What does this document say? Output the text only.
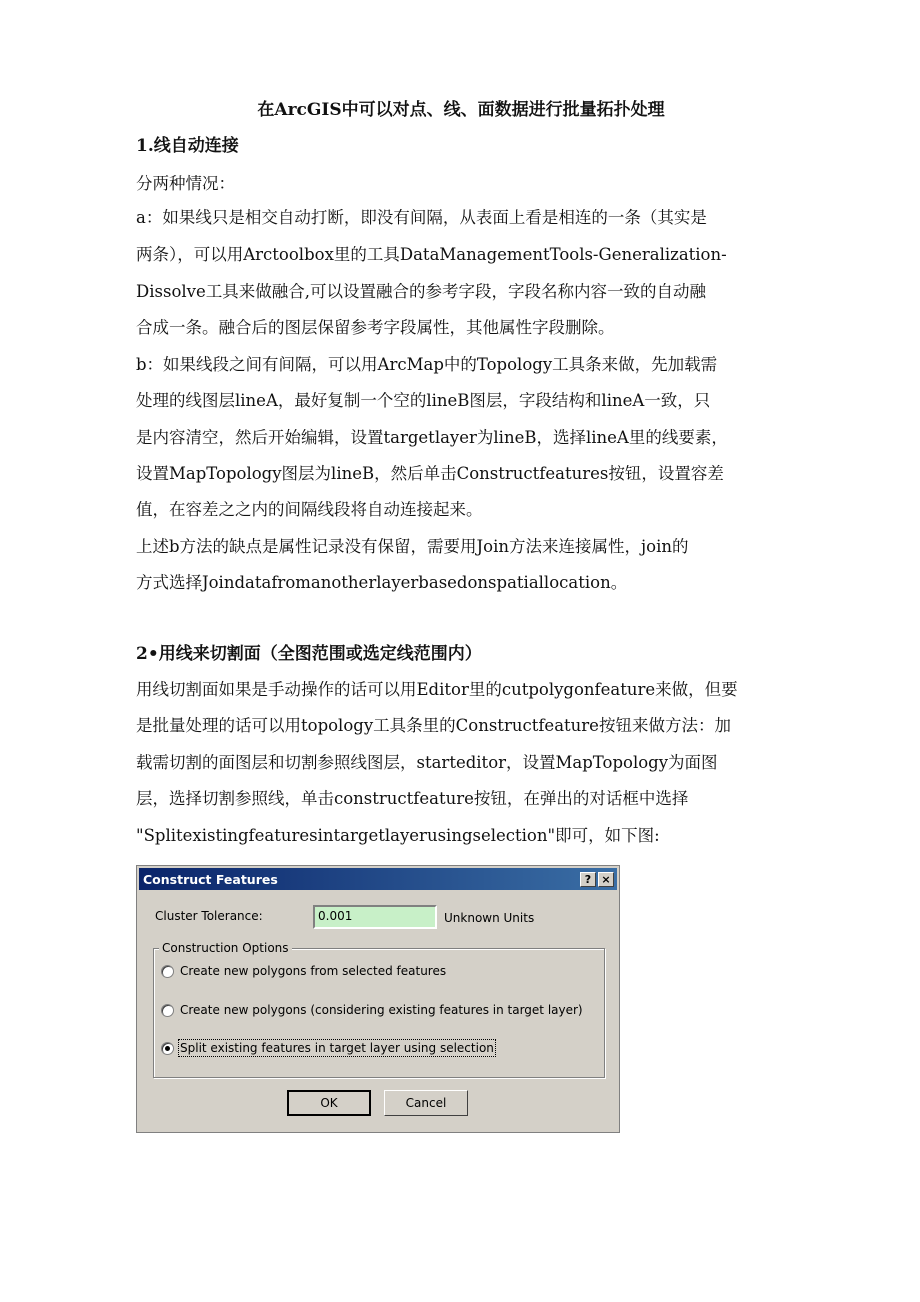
在ArcGIS中可以对点、线、面数据进行批量拓扑处理
1.线自动连接
分两种情况：
a：如果线只是相交自动打断，即没有间隔，从表面上看是相连的一条（其实是
两条），可以用Arctoolbox里的工具DataManagementTools-Generalization-
Dissolve工具来做融合,可以设置融合的参考字段，字段名称内容一致的自动融
合成一条。融合后的图层保留参考字段属性，其他属性字段删除。
b：如果线段之间有间隔，可以用ArcMap中的Topology工具条来做，先加载需
处理的线图层lineA，最好复制一个空的lineB图层，字段结构和lineA一致，只
是内容清空，然后开始编辑，设置targetlayer为lineB，选择lineA里的线要素，
设置MapTopology图层为lineB，然后单击Constructfeatures按钮，设置容差
值，在容差之之内的间隔线段将自动连接起来。
上述b方法的缺点是属性记录没有保留，需要用Join方法来连接属性，join的
方式选择Joindatafromanotherlayerbasedonspatiallocation。
2•用线来切割面（全图范围或选定线范围内）
用线切割面如果是手动操作的话可以用Editor里的cutpolygonfeature来做，但要
是批量处理的话可以用topology工具条里的Constructfeature按钮来做方法：加
载需切割的面图层和切割参照线图层，starteditor，设置MapTopology为面图
层，选择切割参照线，单击constructfeature按钮，在弹出的对话框中选择
"Splitexistingfeaturesintargetlayerusingselection"即可，如下图:
Construct Features	? ×
Cluster Tolerance:	0.001	Unknown Units
Construction Options
Create new polygons from selected features
Create new polygons (considering existing features in target layer)
Split existing features in target layer using selection
OK	Cancel
